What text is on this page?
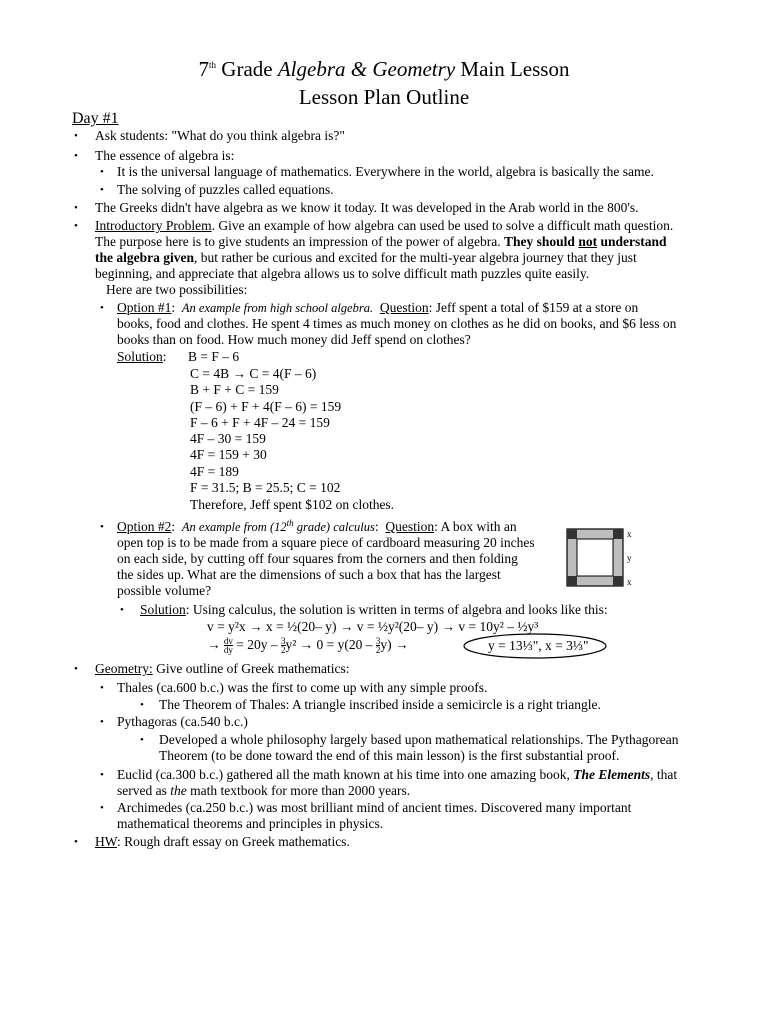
7th Grade Algebra & Geometry Main Lesson
Lesson Plan Outline
Day #1
• Ask students: "What do you think algebra is?"
• The essence of algebra is:
• It is the universal language of mathematics. Everywhere in the world, algebra is basically the same.
• The solving of puzzles called equations.
• The Greeks didn't have algebra as we know it today. It was developed in the Arab world in the 800's.
• Introductory Problem. Give an example of how algebra can used be used to solve a difficult math question.
The purpose here is to give students an impression of the power of algebra. They should not understand
the algebra given, but rather be curious and excited for the multi-year algebra journey that they just
beginning, and appreciate that algebra allows us to solve difficult math puzzles quite easily.
Here are two possibilities:
• Option #1:  An example from high school algebra. Question: Jeff spent a total of $159 at a store on
books, food and clothes. He spent 4 times as much money on clothes as he did on books, and $6 less on
books than on food. How much money did Jeff spend on clothes?
Solution: B = F – 6
C = 4B → C = 4(F – 6)
B + F + C = 159
(F – 6) + F + 4(F – 6) = 159
F – 6 + F + 4F – 24 = 159
4F – 30 = 159
4F = 159 + 30
4F = 189
F = 31.5; B = 25.5; C = 102
Therefore, Jeff spent $102 on clothes.
• Option #2:  An example from (12th grade) calculus:  Question: A box with an
open top is to be made from a square piece of cardboard measuring 20 inches
on each side, by cutting off four squares from the corners and then folding
the sides up. What are the dimensions of such a box that has the largest
possible volume?
x
y
x
• Solution: Using calculus, the solution is written in terms of algebra and looks like this:
v = y²x → x = ½(20– y) → v = ½y²(20– y) → v = 10y² – ½y³
→ $\frac{dv}{dy} = 20y - \frac{3}{2} y^2 \to 0 = y(20 - \frac{3}{2} y)$ →	y = 13⅓", x = 3⅓"
• Geometry: Give outline of Greek mathematics:
• Thales (ca.600 b.c.) was the first to come up with any simple proofs.
• The Theorem of Thales: A triangle inscribed inside a semicircle is a right triangle.
• Pythagoras (ca.540 b.c.)
• Developed a whole philosophy largely based upon mathematical relationships. The Pythagorean
Theorem (to be done toward the end of this main lesson) is the first substantial proof.
• Euclid (ca.300 b.c.) gathered all the math known at his time into one amazing book, The Elements, that
served as the math textbook for more than 2000 years.
• Archimedes (ca.250 b.c.) was most brilliant mind of ancient times. Discovered many important
mathematical theorems and principles in physics.
• HW: Rough draft essay on Greek mathematics.
